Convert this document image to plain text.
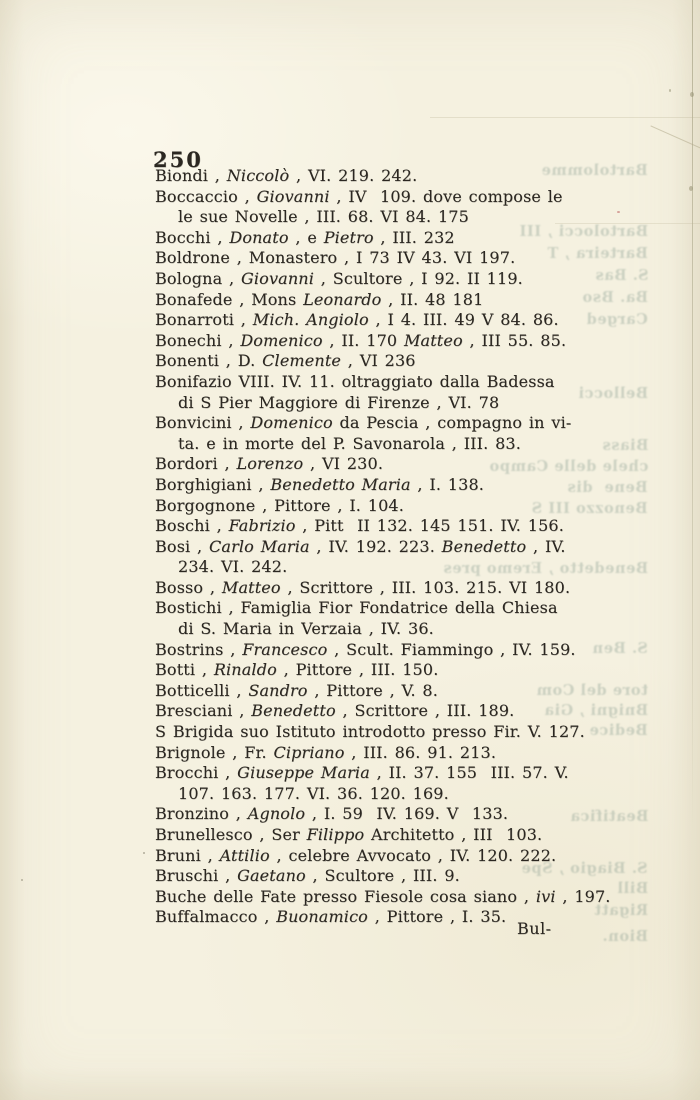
Bartolomme
Bartolocci , III
Barteira , T
S. Bas
Ba. Bso
Carged
Bellocci
Biass
chele delle Campo
Bene  dis
Benozzo III S
Benedetto , Eremo pres
S. Ben
tore del Com
Bnigni , Gia
Bedice
Beatifica
S. Biagio , Spe
Bill
Rigatt
Bion.
250
Biondi , Niccolò , VI. 219. 242.
Boccaccio , Giovanni , IV  109. dove compose le
le sue Novelle , III. 68. VI 84. 175
Bocchi , Donato , e Pietro , III. 232
Boldrone , Monastero , I 73 IV 43. VI 197.
Bologna , Giovanni , Scultore , I 92. II 119.
Bonafede , Mons Leonardo , II. 48 181
Bonarroti , Mich. Angiolo , I 4. III. 49 V 84. 86.
Bonechi , Domenico , II. 170 Matteo , III 55. 85.
Bonenti , D. Clemente , VI 236
Bonifazio VIII. IV. 11. oltraggiato dalla Badessa
di S Pier Maggiore di Firenze , VI. 78
Bonvicini , Domenico da Pescia , compagno in vi-
ta. e in morte del P. Savonarola , III. 83.
Bordori , Lorenzo , VI 230.
Borghigiani , Benedetto Maria , I. 138.
Borgognone , Pittore , I. 104.
Boschi , Fabrizio , Pitt  II 132. 145 151. IV. 156.
Bosi , Carlo Maria , IV. 192. 223. Benedetto , IV.
234. VI. 242.
Bosso , Matteo , Scrittore , III. 103. 215. VI 180.
Bostichi , Famiglia Fior Fondatrice della Chiesa
di S. Maria in Verzaia , IV. 36.
Bostrins , Francesco , Scult. Fiammingo , IV. 159.
Botti , Rinaldo , Pittore , III. 150.
Botticelli , Sandro , Pittore , V. 8.
Bresciani , Benedetto , Scrittore , III. 189.
S Brigida suo Istituto introdotto presso Fir. V. 127.
Brignole , Fr. Cipriano , III. 86. 91. 213.
Brocchi , Giuseppe Maria , II. 37. 155  III. 57. V.
107. 163. 177. VI. 36. 120. 169.
Bronzino , Agnolo , I. 59  IV. 169. V  133.
Brunellesco , Ser Filippo Architetto , III  103.
Bruni , Attilio , celebre Avvocato , IV. 120. 222.
Bruschi , Gaetano , Scultore , III. 9.
Buche delle Fate presso Fiesole cosa siano , ivi , 197.
Buffalmacco , Buonamico , Pittore , I. 35.
Bul-
